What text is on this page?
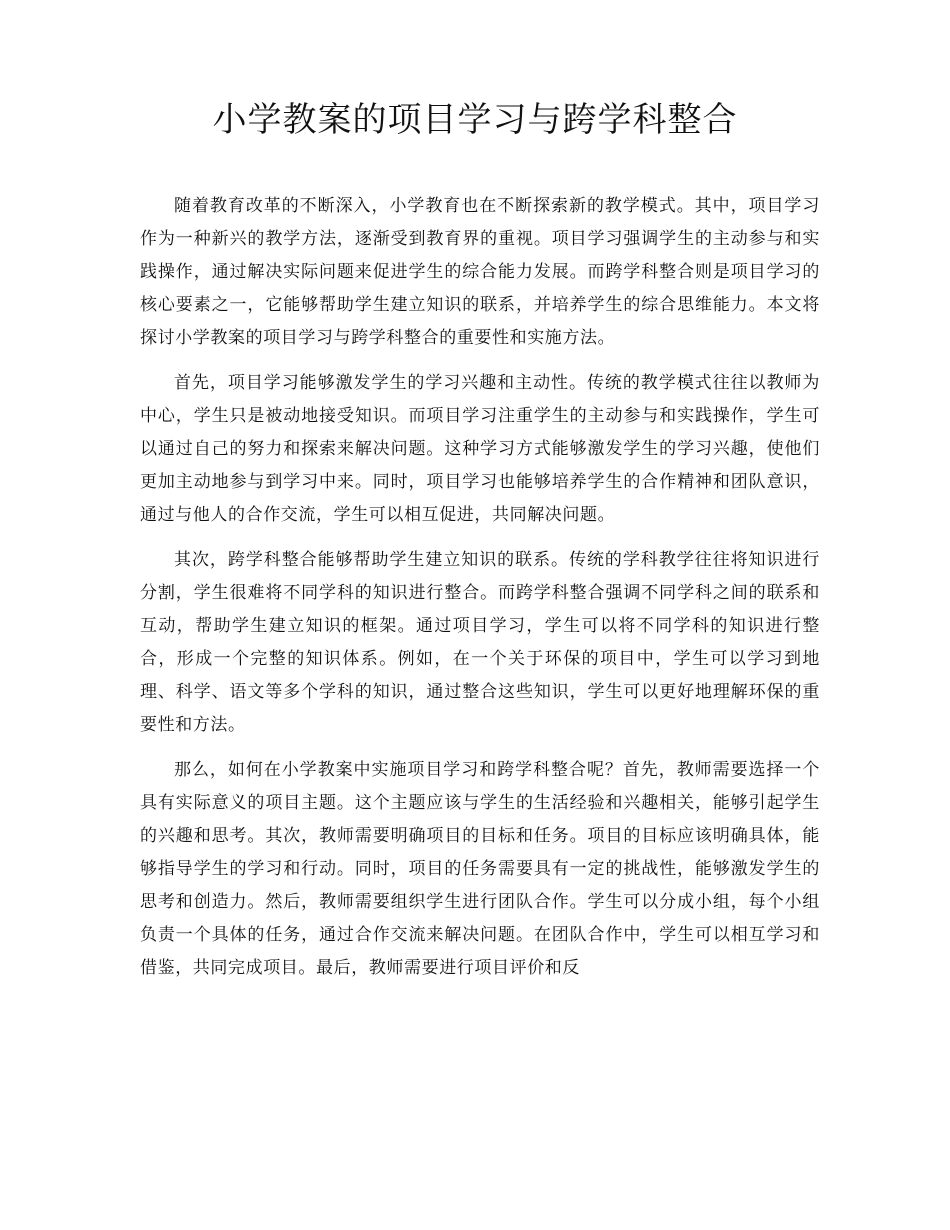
小学教案的项目学习与跨学科整合

随着教育改革的不断深入，小学教育也在不断探索新的教学模式。其中，项目学习作为一种新兴的教学方法，逐渐受到教育界的重视。项目学习强调学生的主动参与和实践操作，通过解决实际问题来促进学生的综合能力发展。而跨学科整合则是项目学习的核心要素之一，它能够帮助学生建立知识的联系，并培养学生的综合思维能力。本文将探讨小学教案的项目学习与跨学科整合的重要性和实施方法。

首先，项目学习能够激发学生的学习兴趣和主动性。传统的教学模式往往以教师为中心，学生只是被动地接受知识。而项目学习注重学生的主动参与和实践操作，学生可以通过自己的努力和探索来解决问题。这种学习方式能够激发学生的学习兴趣，使他们更加主动地参与到学习中来。同时，项目学习也能够培养学生的合作精神和团队意识，通过与他人的合作交流，学生可以相互促进，共同解决问题。

其次，跨学科整合能够帮助学生建立知识的联系。传统的学科教学往往将知识进行分割，学生很难将不同学科的知识进行整合。而跨学科整合强调不同学科之间的联系和互动，帮助学生建立知识的框架。通过项目学习，学生可以将不同学科的知识进行整合，形成一个完整的知识体系。例如，在一个关于环保的项目中，学生可以学习到地理、科学、语文等多个学科的知识，通过整合这些知识，学生可以更好地理解环保的重要性和方法。

那么，如何在小学教案中实施项目学习和跨学科整合呢？首先，教师需要选择一个具有实际意义的项目主题。这个主题应该与学生的生活经验和兴趣相关，能够引起学生的兴趣和思考。其次，教师需要明确项目的目标和任务。项目的目标应该明确具体，能够指导学生的学习和行动。同时，项目的任务需要具有一定的挑战性，能够激发学生的思考和创造力。然后，教师需要组织学生进行团队合作。学生可以分成小组，每个小组负责一个具体的任务，通过合作交流来解决问题。在团队合作中，学生可以相互学习和借鉴，共同完成项目。最后，教师需要进行项目评价和反
